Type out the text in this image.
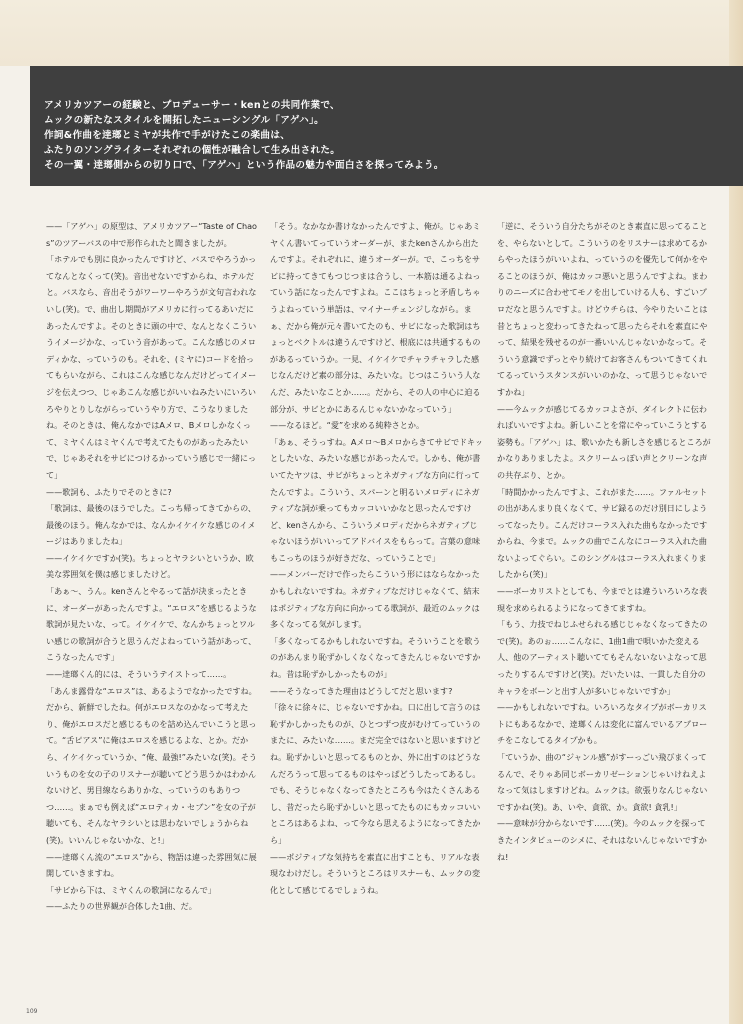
アメリカツアーの経験と、プロデューサー・kenとの共同作業で、

ムックの新たなスタイルを開拓したニューシングル「アゲハ」。

作詞&作曲を逹瑯とミヤが共作で手がけたこの楽曲は、

ふたりのソングライターそれぞれの個性が融合して生み出された。

その一翼・逹瑯側からの切り口で、「アゲハ」という作品の魅力や面白さを探ってみよう。

——「アゲハ」の原型は、アメリカツアー“Taste of Chaos”のツアーバスの中で形作られたと聞きましたが。

「ホテルでも別に良かったんですけど、バスでやろうかってなんとなくって(笑)。音出せないですからね、ホテルだと。バスなら、音出そうがワーワーやろうが文句言われないし(笑)。で、曲出し期間がアメリカに行ってるあいだにあったんですよ。そのときに頭の中で、なんとなくこういうイメージかな、っていう音があって。こんな感じのメロディかな、っていうのも。それを、(ミヤに)コードを拾ってもらいながら、これはこんな感じなんだけどってイメージを伝えつつ、じゃあこんな感じがいいねみたいにいろいろやりとりしながらっていうやり方で、こうなりましたね。そのときは、俺んなかではAメロ、Bメロしかなくって、ミヤくんはミヤくんで考えてたものがあったみたいで、じゃあそれをサビにつけるかっていう感じで一緒にって」

——歌詞も、ふたりでそのときに?

「歌詞は、最後のほうでした。こっち帰ってきてからの、最後のほう。俺んなかでは、なんかイケイケな感じのイメージはありましたね」

——イケイケですか(笑)。ちょっとヤラシいというか、欧美な雰囲気を僕は感じましたけど。

「あぁ〜、うん。kenさんとやるって話が決まったときに、オーダーがあったんですよ。“エロス”を感じるような歌詞が見たいな、って。イケイケで、なんかちょっとワルい感じの歌詞が合うと思うんだよねっていう話があって、こうなったんです」

——逹瑯くん的には、そういうテイストって……。

「あんま露骨な“エロス”は、あるようでなかったですね。だから、新鮮でしたね。何がエロスなのかなって考えたり、俺がエロスだと感じるものを詰め込んでいこうと思って。“舌ピアス”に俺はエロスを感じるよな、とか。だから、イケイケっていうか、“俺、最強!”みたいな(笑)。そういうものを女の子のリスナーが聴いてどう思うかはわかんないけど、男目線ならありかな、っていうのもありつつ……。まぁでも例えば“エロティカ・セブン”を女の子が聴いても、そんなヤラシいとは思わないでしょうからね(笑)。いいんじゃないかな、と!」

——逹瑯くん流の“エロス”から、物語は違った雰囲気に展開していきますね。

「サビから下は、ミヤくんの歌詞になるんで」

——ふたりの世界観が合体した1曲、だ。

「そう。なかなか書けなかったんですよ、俺が。じゃあミヤくん書いてっていうオーダーが、またkenさんから出たんですよ。それぞれに、違うオーダーが。で、こっちをサビに持ってきてもつじつまは合うし、一本筋は通るよねっていう話になったんですよね。ここはちょっと矛盾しちゃうよねっていう単語は、マイナーチェンジしながら。まぁ、だから俺が元々書いてたのも、サビになった歌詞はちょっとベクトルは違うんですけど、根底には共通するものがあるっていうか。一見、イケイケでチャラチャラした感じなんだけど素の部分は、みたいな。じつはこういう人なんだ、みたいなことか……。だから、その人の中心に迫る部分が、サビとかにあるんじゃないかなっていう」

——なるほど。“愛”を求める純粋さとか。

「あぁ、そうっすね。Aメロ〜Bメロからきてサビでドキッとしたいな、みたいな感じがあったんで。しかも、俺が書いてたヤツは、サビがちょっとネガティブな方向に行ってたんですよ。こういう、スパーンと明るいメロディにネガティブな詞が乗ってもカッコいいかなと思ったんですけど、kenさんから、こういうメロディだからネガティブじゃないほうがいいってアドバイスをもらって。言葉の意味もこっちのほうが好きだな、っていうことで」

——メンバーだけで作ったらこういう形にはならなかったかもしれないですね。ネガティブなだけじゃなくて、結末はポジティブな方向に向かってる歌詞が、最近のムックは多くなってる気がします。

「多くなってるかもしれないですね。そういうことを歌うのがあんまり恥ずかしくなくなってきたんじゃないですかね。昔は恥ずかしかったものが」

——そうなってきた理由はどうしてだと思います?

「徐々に徐々に、じゃないですかね。口に出して言うのは恥ずかしかったものが、ひとつずつ皮がむけてっていうのまたに、みたいな……。まだ完全ではないと思いますけどね。恥ずかしいと思ってるものとか、外に出すのはどうなんだろうって思ってるものはやっぱどうしたってあるし。でも、そうじゃなくなってきたところも今はたくさんあるし、昔だったら恥ずかしいと思ってたものにもカッコいいところはあるよね、って今なら思えるようになってきたから」

——ポジティブな気持ちを素直に出すことも、リアルな表現なわけだし。そういうところはリスナーも、ムックの変化として感じてるでしょうね。

「逆に、そういう自分たちがそのとき素直に思ってることを、やらないとして。こういうのをリスナーは求めてるからやったほうがいいよね、っていうのを優先して何かをやることのほうが、俺はカッコ悪いと思うんですよね。まわりのニーズに合わせてモノを出していける人も、すごいプロだなと思うんですよ。けどウチらは、今やりたいことは昔とちょっと変わってきたねって思ったらそれを素直にやって、結果を残せるのが一番いいんじゃないかなって。そういう意識でずっとやり続けてお客さんもついてきてくれてるっていうスタンスがいいのかな、って思うじゃないですかね」

——今ムックが感じてるカッコよさが、ダイレクトに伝わればいいですよね。新しいことを常にやっていこうとする姿勢も。「アゲハ」は、歌いかたも新しさを感じるところがかなりありましたよ。スクリームっぽい声とクリーンな声の共存ぶり、とか。

「時間かかったんですよ、これがまた……。ファルセットの出があんまり良くなくて、サビ録るのだけ別日にしようってなったり。こんだけコーラス入れた曲もなかったですからね、今まで。ムックの曲でこんなにコーラス入れた曲ないよってぐらい。このシングルはコーラス入れまくりましたから(笑)」

——ボーカリストとしても、今までとは違ういろいろな表現を求められるようになってきてますね。

「もう、力技でねじふせられる感じじゃなくなってきたので(笑)。あのぉ……こんなに、1曲1曲で唄いかた変える人、他のアーティスト聴いててもそんないないよなって思ったりするんですけど(笑)。だいたいは、一貫した自分のキャラをボーンと出す人が多いじゃないですか」

——かもしれないですね。いろいろなタイプがボーカリストにもあるなかで、逹瑯くんは変化に富んでいるアプローチをこなしてるタイプかも。

「ていうか、曲の“ジャンル感”がすーっごい飛びまくってるんで、そりゃあ同じボーカリゼーションじゃいけねえよなって気はしますけどね。ムックは。欲張りなんじゃないですかね(笑)。あ、いや、貪欲、か。貪欲! 貪乳!」

——意味が分からないです……(笑)。今のムックを探ってきたインタビューのシメに、それはないんじゃないですかね!

109
